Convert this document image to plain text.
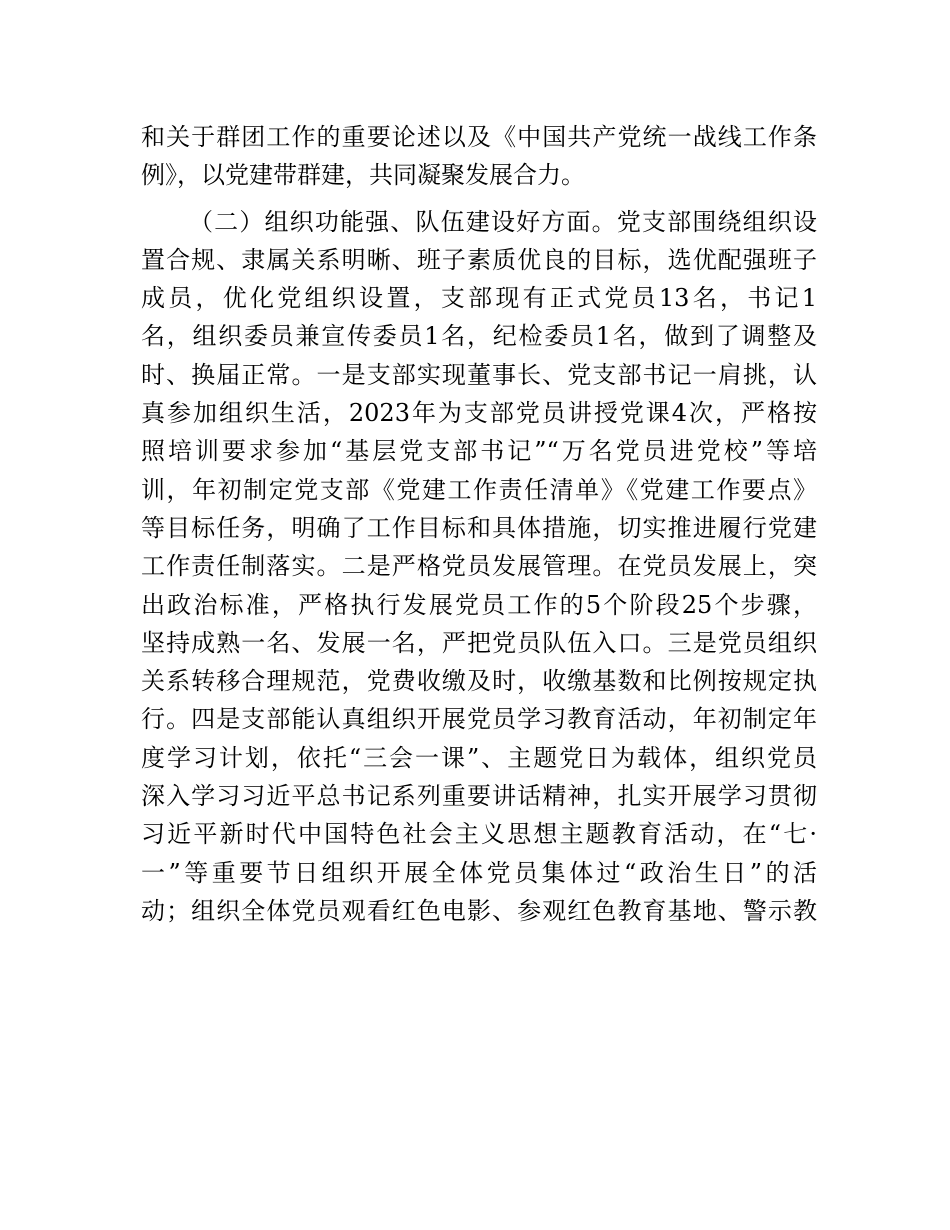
和关于群团工作的重要论述以及《中国共产党统一战线工作条
例》，以党建带群建，共同凝聚发展合力。
（二）组织功能强、队伍建设好方面。党支部围绕组织设
置合规、隶属关系明晰、班子素质优良的目标，选优配强班子
成员，优化党组织设置，支部现有正式党员13名，书记1
名，组织委员兼宣传委员1名，纪检委员1名，做到了调整及
时、换届正常。一是支部实现董事长、党支部书记一肩挑，认
真参加组织生活，2023年为支部党员讲授党课4次，严格按
照培训要求参加“基层党支部书记”“万名党员进党校”等培
训，年初制定党支部《党建工作责任清单》《党建工作要点》
等目标任务，明确了工作目标和具体措施，切实推进履行党建
工作责任制落实。二是严格党员发展管理。在党员发展上，突
出政治标准，严格执行发展党员工作的5个阶段25个步骤，
坚持成熟一名、发展一名，严把党员队伍入口。三是党员组织
关系转移合理规范，党费收缴及时，收缴基数和比例按规定执
行。四是支部能认真组织开展党员学习教育活动，年初制定年
度学习计划，依托“三会一课”、主题党日为载体，组织党员
深入学习习近平总书记系列重要讲话精神，扎实开展学习贯彻
习近平新时代中国特色社会主义思想主题教育活动，在“七·
一”等重要节日组织开展全体党员集体过“政治生日”的活
动；组织全体党员观看红色电影、参观红色教育基地、警示教
